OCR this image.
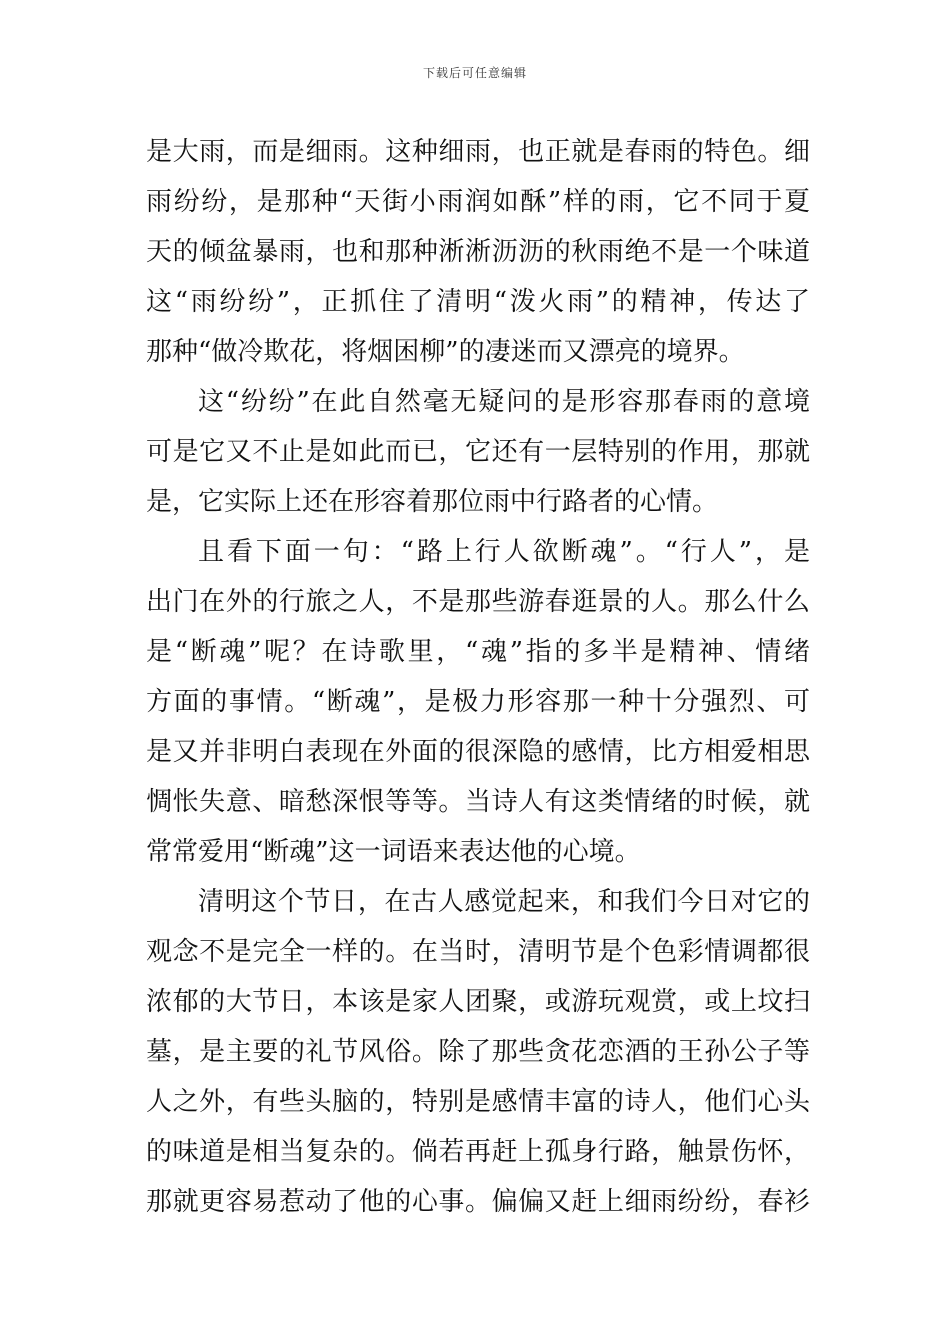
下载后可任意编辑
是大雨，而是细雨。这种细雨，也正就是春雨的特色。细
雨纷纷，是那种“天街小雨润如酥”样的雨，它不同于夏
天的倾盆暴雨，也和那种淅淅沥沥的秋雨绝不是一个味道
这“雨纷纷”，正抓住了清明“泼火雨”的精神，传达了
那种“做冷欺花，将烟困柳”的凄迷而又漂亮的境界。
这“纷纷”在此自然毫无疑问的是形容那春雨的意境
可是它又不止是如此而已，它还有一层特别的作用，那就
是，它实际上还在形容着那位雨中行路者的心情。
且看下面一句：“路上行人欲断魂”。“行人”，是
出门在外的行旅之人，不是那些游春逛景的人。那么什么
是“断魂”呢？在诗歌里，“魂”指的多半是精神、情绪
方面的事情。“断魂”，是极力形容那一种十分强烈、可
是又并非明白表现在外面的很深隐的感情，比方相爱相思
惆怅失意、暗愁深恨等等。当诗人有这类情绪的时候，就
常常爱用“断魂”这一词语来表达他的心境。
清明这个节日，在古人感觉起来，和我们今日对它的
观念不是完全一样的。在当时，清明节是个色彩情调都很
浓郁的大节日，本该是家人团聚，或游玩观赏，或上坟扫
墓，是主要的礼节风俗。除了那些贪花恋酒的王孙公子等
人之外，有些头脑的，特别是感情丰富的诗人，他们心头
的味道是相当复杂的。倘若再赶上孤身行路，触景伤怀，
那就更容易惹动了他的心事。偏偏又赶上细雨纷纷，春衫
